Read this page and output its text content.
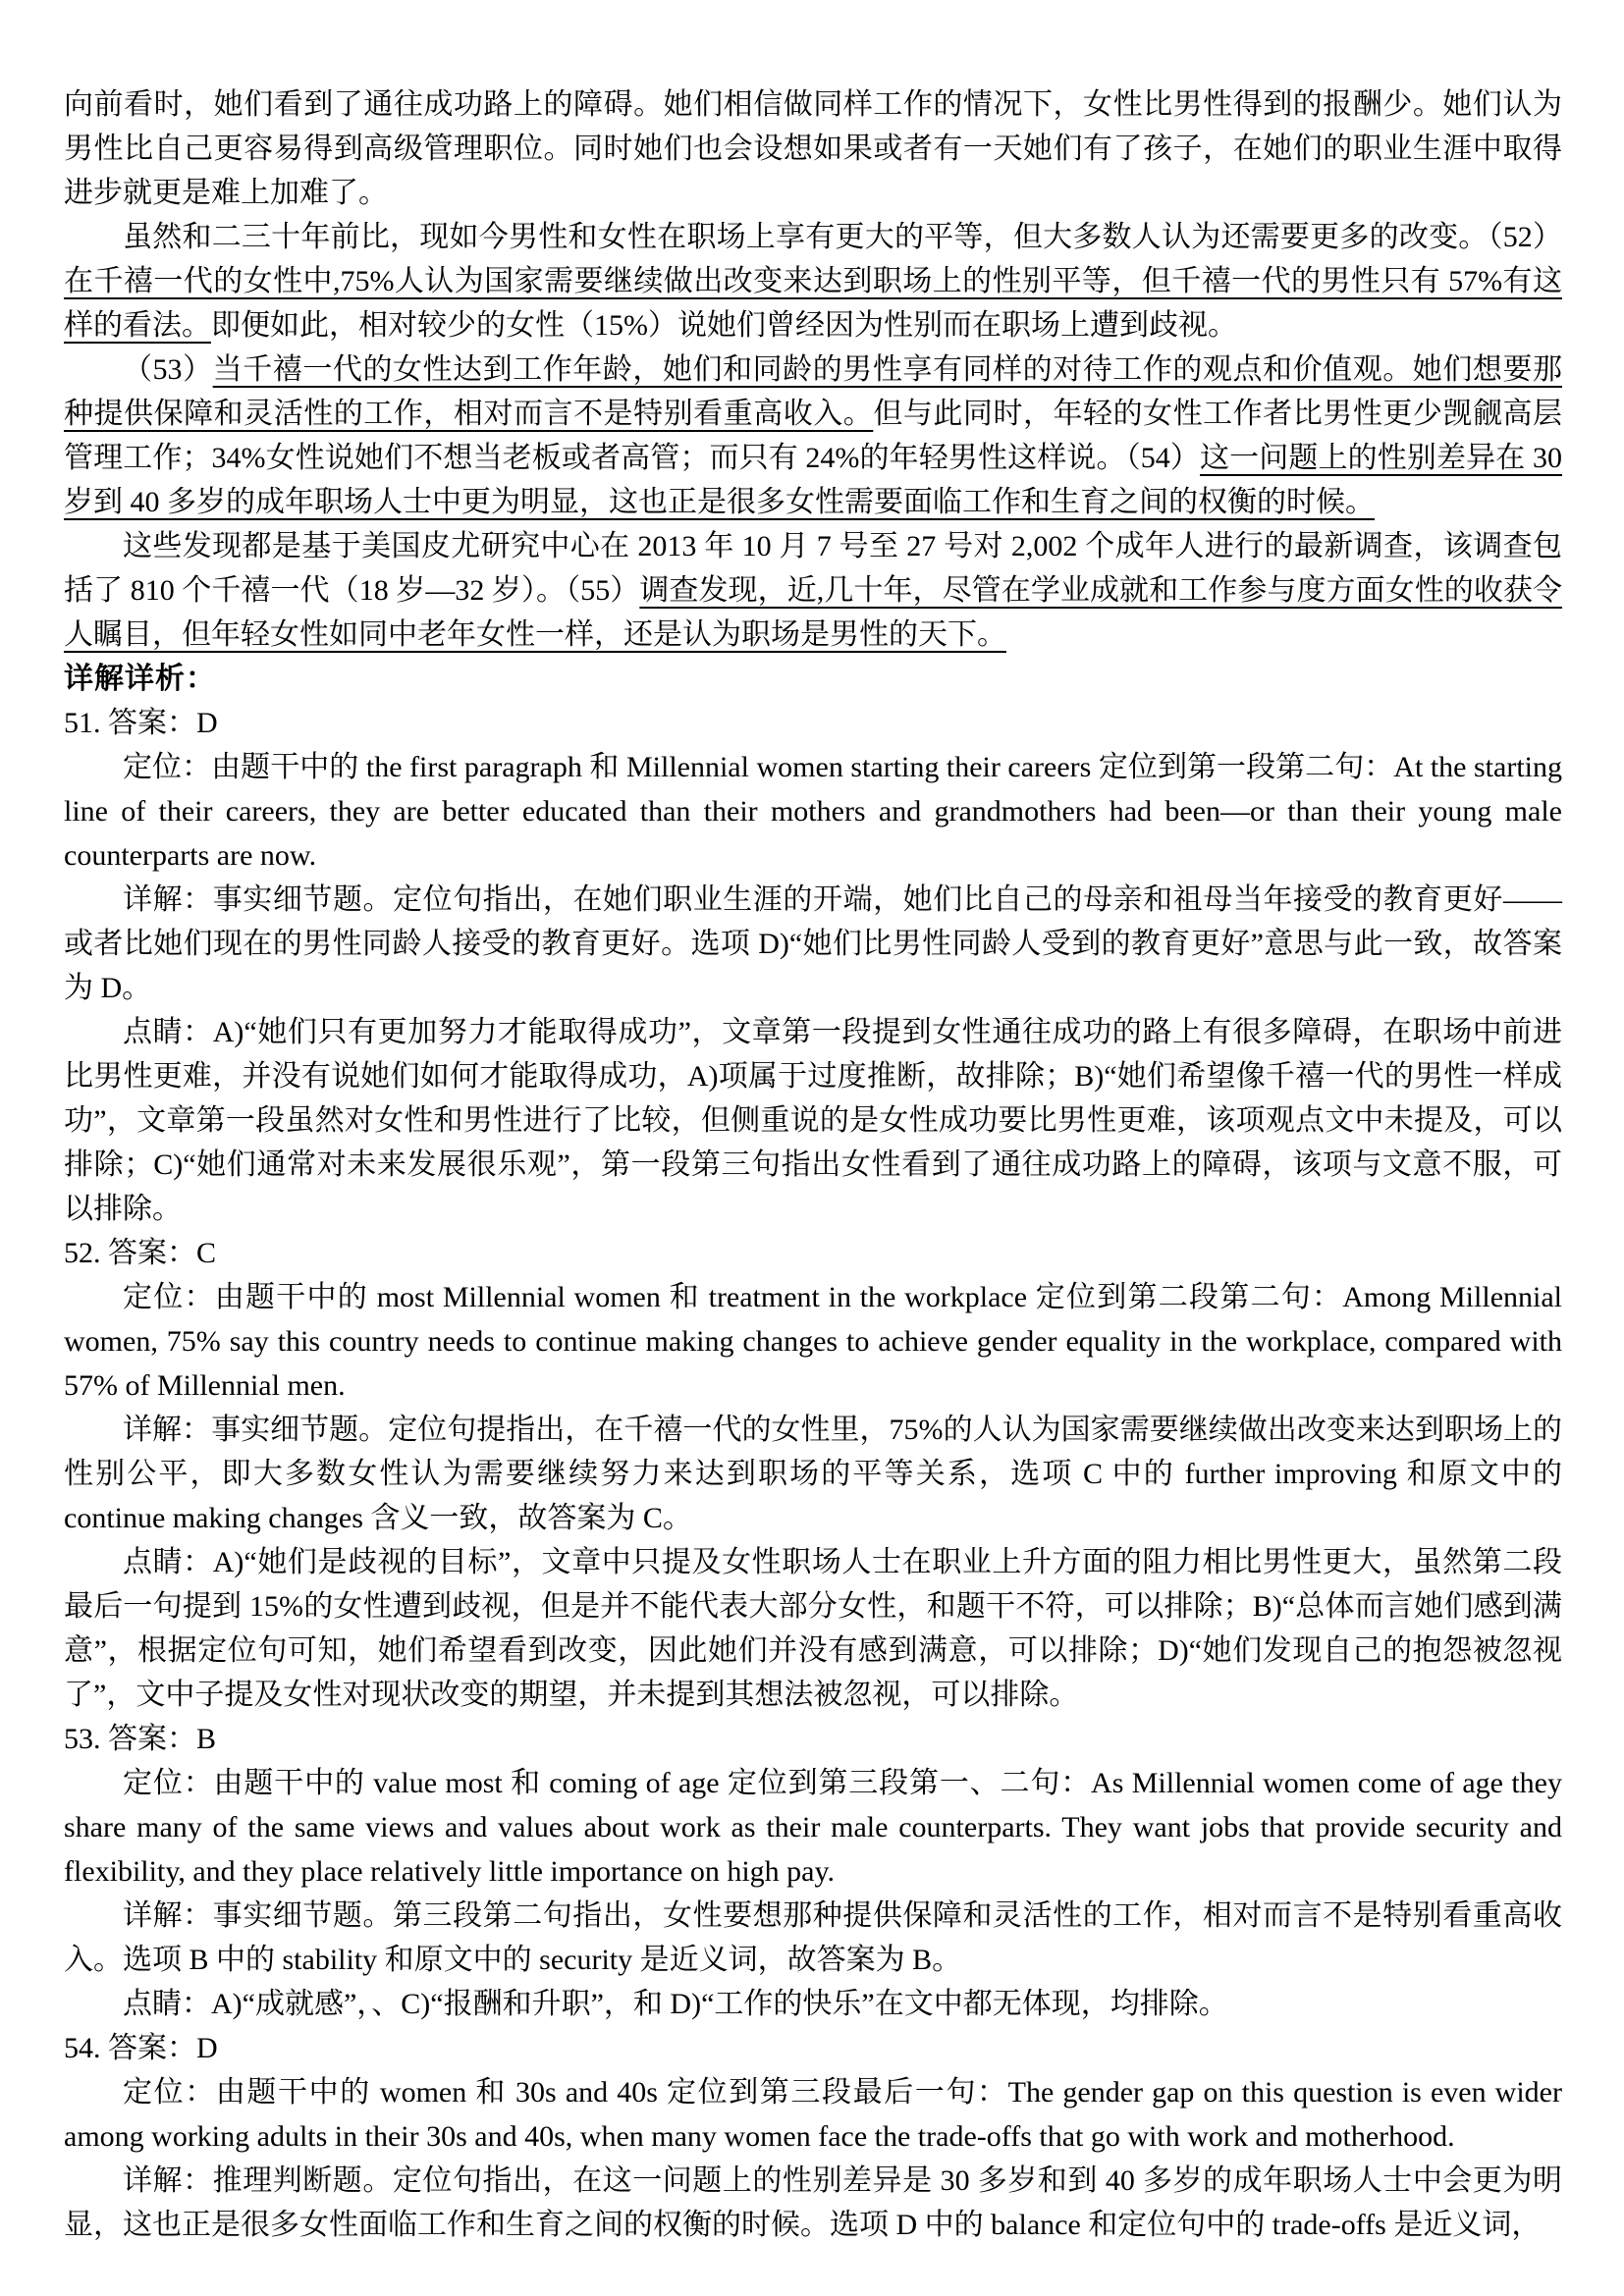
向前看时，她们看到了通往成功路上的障碍。她们相信做同样工作的情况下，女性比男性得到的报酬少。她们认为男性比自己更容易得到高级管理职位。同时她们也会设想如果或者有一天她们有了孩子，在她们的职业生涯中取得进步就更是难上加难了。

虽然和二三十年前比，现如今男性和女性在职场上享有更大的平等，但大多数人认为还需要更多的改变。（52）在千禧一代的女性中,75%人认为国家需要继续做出改变来达到职场上的性别平等，但千禧一代的男性只有 57%有这样的看法。即便如此，相对较少的女性（15%）说她们曾经因为性别而在职场上遭到歧视。

（53）当千禧一代的女性达到工作年龄，她们和同龄的男性享有同样的对待工作的观点和价值观。她们想要那种提供保障和灵活性的工作，相对而言不是特别看重高收入。但与此同时，年轻的女性工作者比男性更少觊觎高层管理工作；34%女性说她们不想当老板或者高管；而只有 24%的年轻男性这样说。（54）这一问题上的性别差异在 30 岁到 40 多岁的成年职场人士中更为明显，这也正是很多女性需要面临工作和生育之间的权衡的时候。

这些发现都是基于美国皮尤研究中心在 2013 年 10 月 7 号至 27 号对 2,002 个成年人进行的最新调查，该调查包括了 810 个千禧一代（18 岁—32 岁）。（55）调查发现，近,几十年，尽管在学业成就和工作参与度方面女性的收获令人瞩目，但年轻女性如同中老年女性一样，还是认为职场是男性的天下。

详解详析：

51. 答案：D

定位：由题干中的 the first paragraph 和 Millennial women starting their careers 定位到第一段第二句：At the starting line of their careers, they are better educated than their mothers and grandmothers had been—or than their young male counterparts are now.

详解：事实细节题。定位句指出，在她们职业生涯的开端，她们比自己的母亲和祖母当年接受的教育更好——或者比她们现在的男性同龄人接受的教育更好。选项 D)“她们比男性同龄人受到的教育更好”意思与此一致，故答案为 D。

点睛：A)“她们只有更加努力才能取得成功”，文章第一段提到女性通往成功的路上有很多障碍，在职场中前进比男性更难，并没有说她们如何才能取得成功，A)项属于过度推断，故排除；B)“她们希望像千禧一代的男性一样成功”，文章第一段虽然对女性和男性进行了比较，但侧重说的是女性成功要比男性更难，该项观点文中未提及，可以排除；C)“她们通常对未来发展很乐观”，第一段第三句指出女性看到了通往成功路上的障碍，该项与文意不服，可以排除。

52. 答案：C

定位：由题干中的 most Millennial women 和 treatment in the workplace 定位到第二段第二句：Among Millennial women, 75% say this country needs to continue making changes to achieve gender equality in the workplace, compared with 57% of Millennial men.

详解：事实细节题。定位句提指出，在千禧一代的女性里，75%的人认为国家需要继续做出改变来达到职场上的性别公平，即大多数女性认为需要继续努力来达到职场的平等关系，选项 C 中的 further improving 和原文中的 continue making changes 含义一致，故答案为 C。

点睛：A)“她们是歧视的目标”，文章中只提及女性职场人士在职业上升方面的阻力相比男性更大，虽然第二段最后一句提到 15%的女性遭到歧视，但是并不能代表大部分女性，和题干不符，可以排除；B)“总体而言她们感到满意”，根据定位句可知，她们希望看到改变，因此她们并没有感到满意，可以排除；D)“她们发现自己的抱怨被忽视了”，文中子提及女性对现状改变的期望，并未提到其想法被忽视，可以排除。

53. 答案：B

定位：由题干中的 value most 和 coming of age 定位到第三段第一、二句：As Millennial women come of age they share many of the same views and values about work as their male counterparts. They want jobs that provide security and flexibility, and they place relatively little importance on high pay.

详解：事实细节题。第三段第二句指出，女性要想那种提供保障和灵活性的工作，相对而言不是特别看重高收入。选项 B 中的 stability 和原文中的 security 是近义词，故答案为 B。

点睛：A)“成就感”，、C)“报酬和升职”，和 D)“工作的快乐”在文中都无体现，均排除。

54. 答案：D

定位：由题干中的 women 和 30s and 40s 定位到第三段最后一句：The gender gap on this question is even wider among working adults in their 30s and 40s, when many women face the trade-offs that go with work and motherhood.

详解：推理判断题。定位句指出，在这一问题上的性别差异是 30 多岁和到 40 多岁的成年职场人士中会更为明显，这也正是很多女性面临工作和生育之间的权衡的时候。选项 D 中的 balance 和定位句中的 trade-offs 是近义词，
